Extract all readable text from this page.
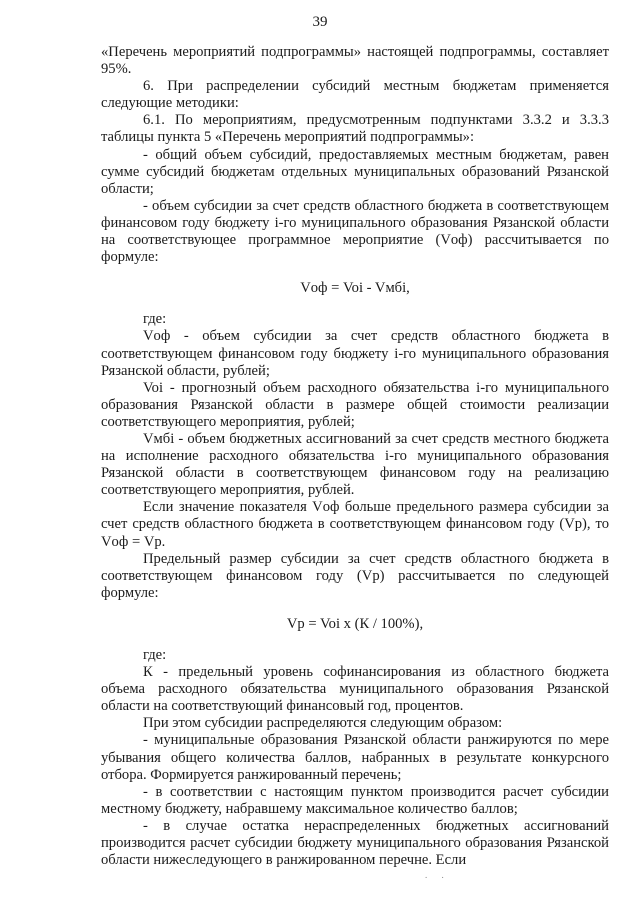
39

«Перечень мероприятий подпрограммы» настоящей подпрограммы, составляет 95%.

6. При распределении субсидий местным бюджетам применяется следующие методики:

6.1. По мероприятиям, предусмотренным подпунктами 3.3.2 и 3.3.3 таблицы пункта 5 «Перечень мероприятий подпрограммы»:

- общий объем субсидий, предоставляемых местным бюджетам, равен сумме субсидий бюджетам отдельных муниципальных образований Рязанской области;

- объем субсидии за счет средств областного бюджета в соответствующем финансовом году бюджету i-го муниципального образования Рязанской области на соответствующее программное мероприятие (Vоф) рассчитывается по формуле:

Vоф = Voi - Vмбi,

где:

Vоф - объем субсидии за счет средств областного бюджета в соответствующем финансовом году бюджету i-го муниципального образования Рязанской области, рублей;

Voi - прогнозный объем расходного обязательства i-го муниципального образования Рязанской области в размере общей стоимости реализации соответствующего мероприятия, рублей;

Vмбi - объем бюджетных ассигнований за счет средств местного бюджета на исполнение расходного обязательства i-го муниципального образования Рязанской области в соответствующем финансовом году на реализацию соответствующего мероприятия, рублей.

Если значение показателя Vоф больше предельного размера субсидии за счет средств областного бюджета в соответствующем финансовом году (Vp), то Vоф = Vp.

Предельный размер субсидии за счет средств областного бюджета в соответствующем финансовом году (Vp) рассчитывается по следующей формуле:

Vp = Voi x (К / 100%),

где:

К - предельный уровень софинансирования из областного бюджета объема расходного обязательства муниципального образования Рязанской области на соответствующий финансовый год, процентов.

При этом субсидии распределяются следующим образом:

- муниципальные образования Рязанской области ранжируются по мере убывания общего количества баллов, набранных в результате конкурсного отбора. Формируется ранжированный перечень;

- в соответствии с настоящим пунктом производится расчет субсидии местному бюджету, набравшему максимальное количество баллов;

- в случае остатка нераспределенных бюджетных ассигнований производится расчет субсидии бюджету муниципального образования Рязанской области нижеследующего в ранжированном перечне. Если

. .
